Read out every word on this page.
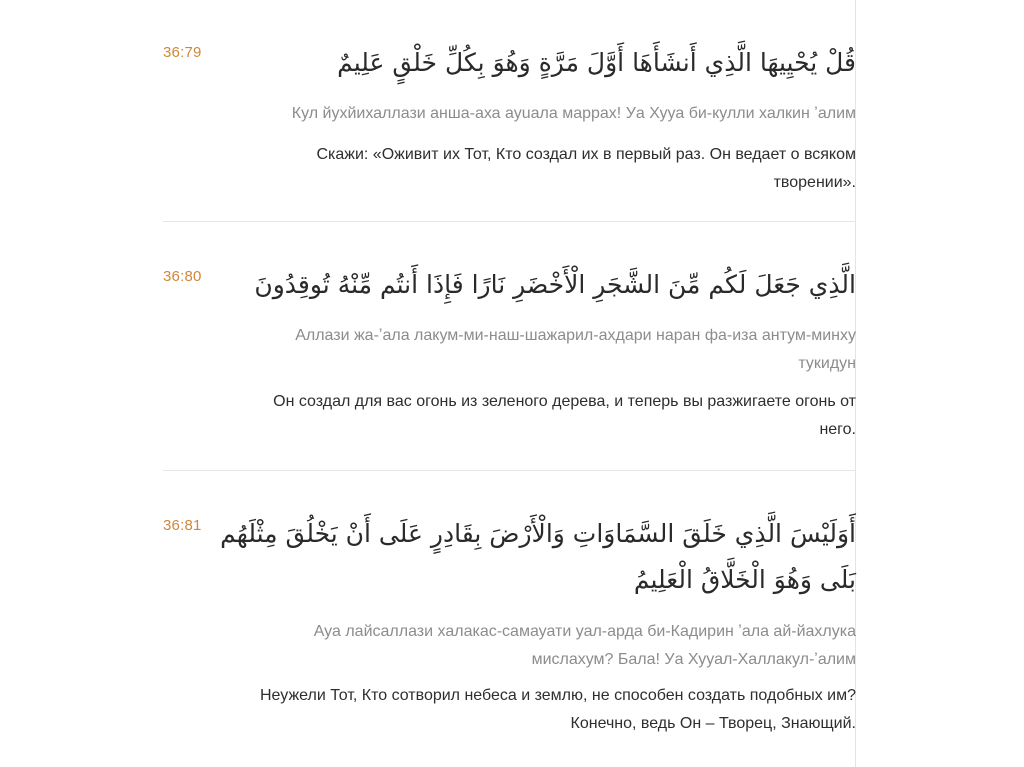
36:79	قُلْ يُحْيِيهَا الَّذِي أَنشَأَهَا أَوَّلَ مَرَّةٍ وَهُوَ بِكُلِّ خَلْقٍ عَلِيمٌ
Кул йухйихаллази анша-аха ауuала маррах! Уа Хууа би-кулли халкин ʼалим
Скажи: «Оживит их Тот, Кто создал их в первый раз. Он ведает о всяком
творении».
36:80 الَّذِي جَعَلَ لَكُم مِّنَ الشَّجَرِ الْأَخْضَرِ نَارًا فَإِذَا أَنتُم مِّنْهُ تُوقِدُونَ
Аллази жа-ʼала лакум-ми-наш-шажарил-ахдари наран фа-иза антум-минху
тукидун
Он создал для вас огонь из зеленого дерева, и теперь вы разжигаете огонь от
него.
36:81 أَوَلَيْسَ الَّذِي خَلَقَ السَّمَاوَاتِ وَالْأَرْضَ بِقَادِرٍ عَلَى أَنْ يَخْلُقَ مِثْلَهُم
بَلَى وَهُوَ الْخَلَّاقُ الْعَلِيمُ
Ауа лайсаллази халакас-самауати уал-арда би-Кадирин ʼала ай-йахлука
мислахум? Бала! Уа Хууал-Халлакул-ʼалим
Неужели Тот, Кто сотворил небеса и землю, не способен создать подобных им?
Конечно, ведь Он – Творец, Знающий.
